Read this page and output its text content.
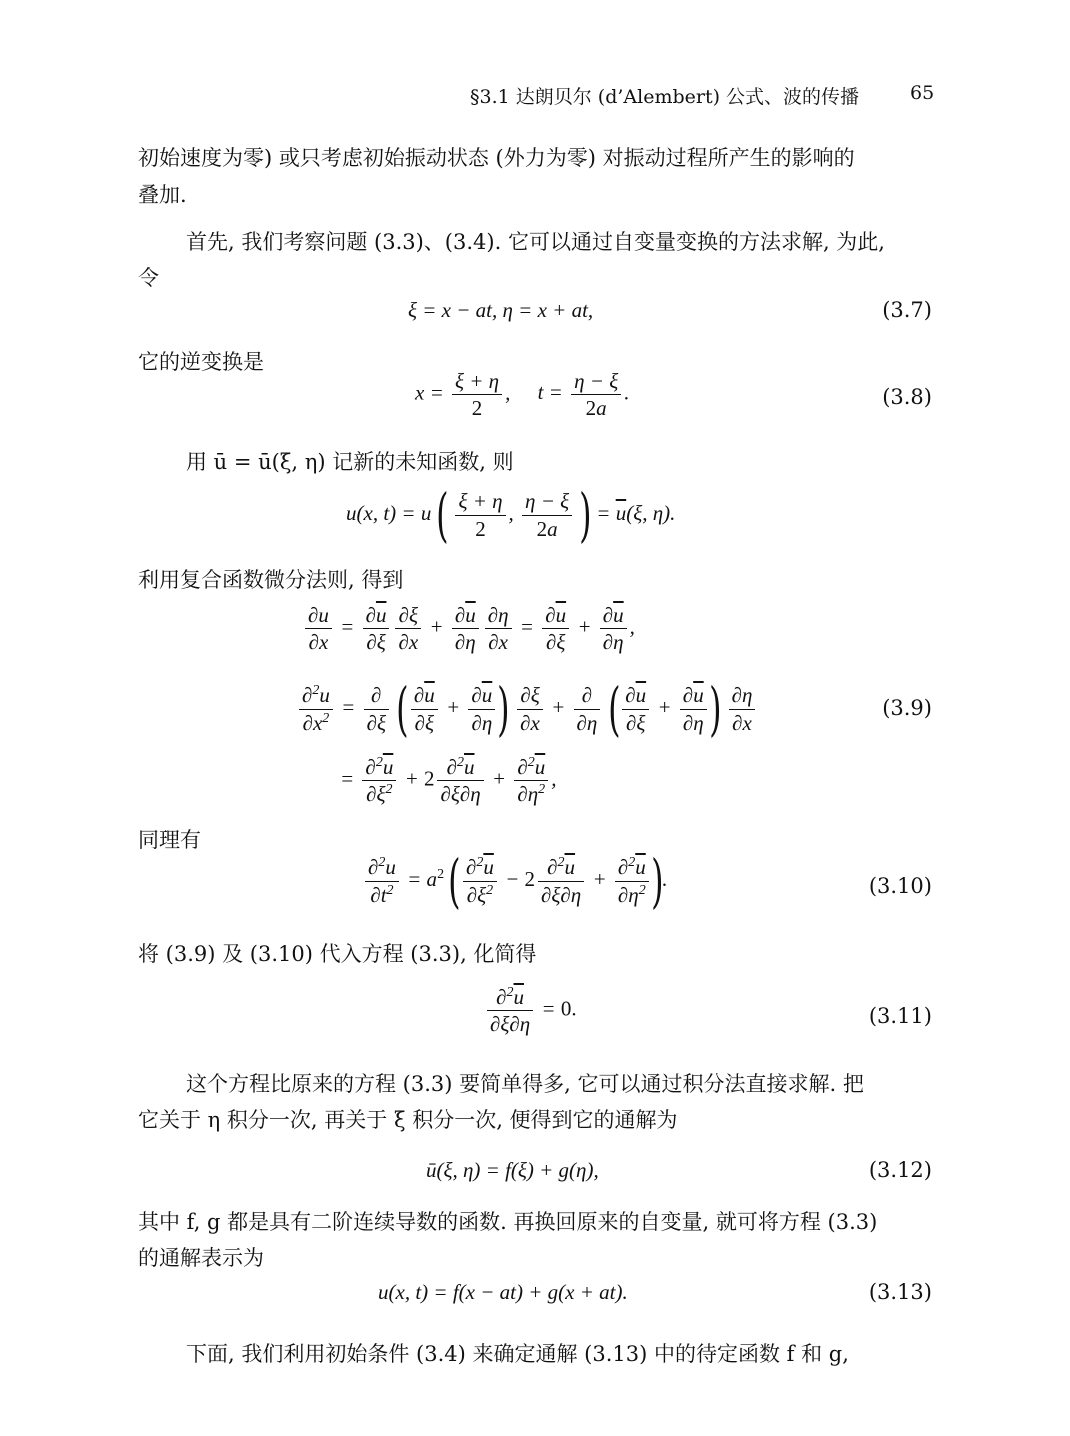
§3.1 达朗贝尔 (d’Alembert) 公式、波的传播	65
初始速度为零) 或只考虑初始振动状态 (外力为零) 对振动过程所产生的影响的
叠加.
首先, 我们考察问题 (3.3)、(3.4). 它可以通过自变量变换的方法求解, 为此,
令
ξ = x − at, η = x + at,	(3.7)
它的逆变换是
$x = \frac{\xi + \eta}{2}$ , $t = \frac{\eta - \xi}{2a}$ .	(3.8)
用 ū = ū(ξ, η) 记新的未知函数, 则
u(x, t) = u ( $\frac{\xi + \eta}{2}$ , $\frac{\eta - \xi}{2a}$ ) = $\overline{u}(\xi$, η).
利用复合函数微分法则, 得到
$\frac{\partial u}{\partial x} = \frac{\partial\overline{u}}{\partial\xi} \frac{\partial\xi}{\partial x} + \frac{\partial\overline{u}}{\partial\eta} \frac{\partial\eta}{\partial x} = \frac{\partial\overline{u}}{\partial\xi} + \frac{\partial\overline{u}}{\partial\eta}$ ,
$\frac{\partial^2u}{\partial x^2} = \frac{\partial}{\partial\xi}$ ( $\frac{\partial\overline{u}}{\partial\xi} + \frac{\partial\overline{u}}{\partial\eta}$ ) $\frac{\partial\xi}{\partial x} + \frac{\partial}{\partial\eta}$ ( $\frac{\partial\overline{u}}{\partial\xi} + \frac{\partial\overline{u}}{\partial\eta}$ ) $\frac{\partial\eta}{\partial x}$	(3.9)
= $\frac{\partial^2\overline{u}}{\partial\xi^2} + 2 \frac{\partial^2\overline{u}}{\partial\xi\partial\eta} + \frac{\partial^2\overline{u}}{\partial\eta^2}$ ,
同理有
$\frac{\partial^2u}{\partial t^2} = a^2$ ( $\frac{\partial^2\overline{u}}{\partial\xi^2} - 2 \frac{\partial^2\overline{u}}{\partial\xi\partial\eta} + \frac{\partial^2\overline{u}}{\partial\eta^2}$ ).	(3.10)
将 (3.9) 及 (3.10) 代入方程 (3.3), 化简得
$\frac{\partial^2\overline{u}}{\partial\xi\partial\eta} = 0$.	(3.11)
这个方程比原来的方程 (3.3) 要简单得多, 它可以通过积分法直接求解. 把
它关于 η 积分一次, 再关于 ξ 积分一次, 便得到它的通解为
ū(ξ, η) = f(ξ) + g(η),	(3.12)
其中 f, g 都是具有二阶连续导数的函数. 再换回原来的自变量, 就可将方程 (3.3)
的通解表示为
u(x, t) = f(x − at) + g(x + at).	(3.13)
下面, 我们利用初始条件 (3.4) 来确定通解 (3.13) 中的待定函数 f 和 g,
